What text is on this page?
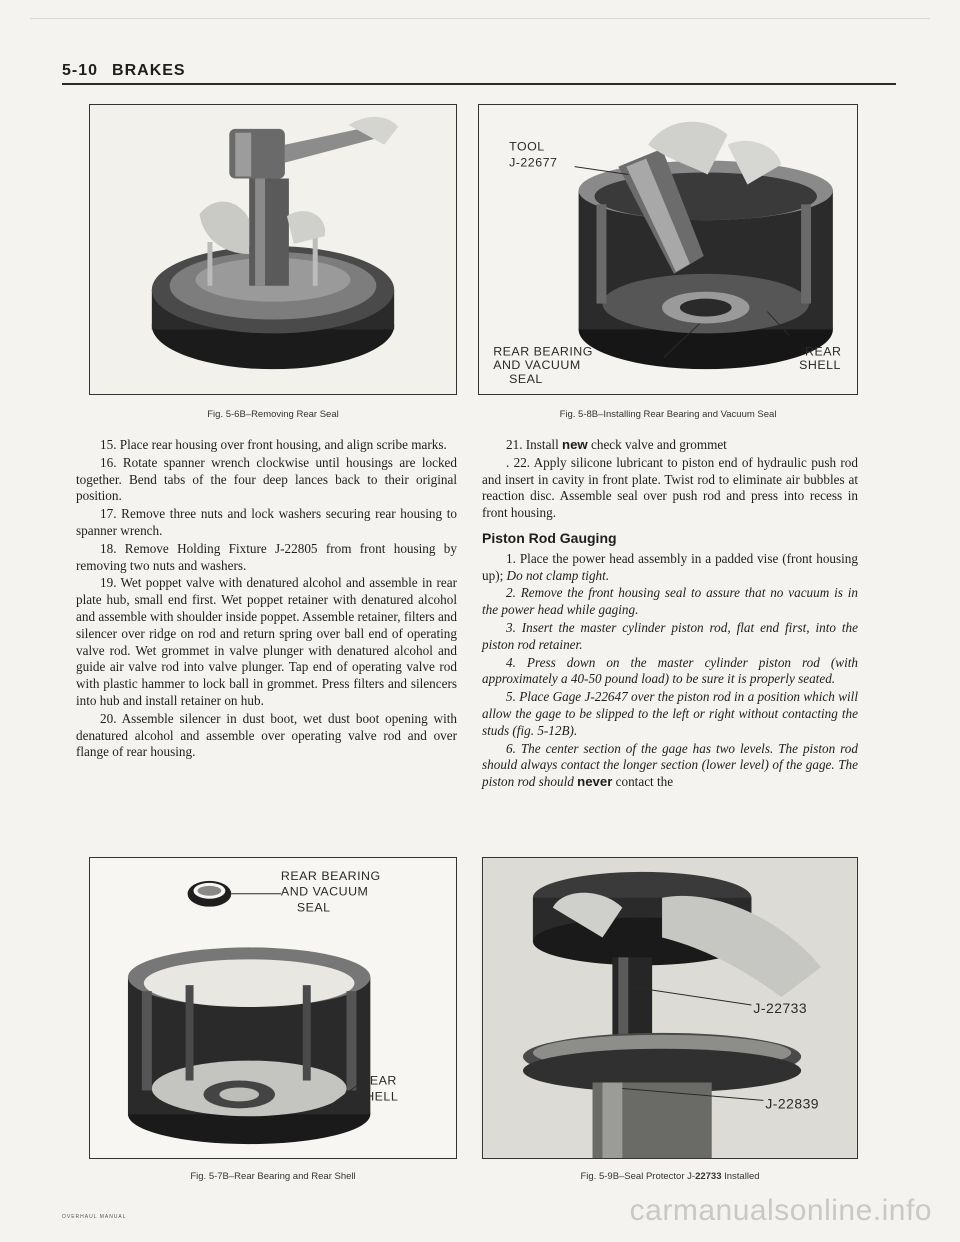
5-10 BRAKES
Fig. 5-6B–Removing Rear Seal
TOOL
J-22677
REAR BEARING
AND VACUUM
SEAL
REAR
SHELL
Fig. 5-8B–Installing Rear Bearing and Vacuum Seal

15. Place rear housing over front housing, and align scribe marks.

16. Rotate spanner wrench clockwise until housings are locked together. Bend tabs of the four deep lances back to their original position.

17. Remove three nuts and lock washers securing rear housing to spanner wrench.

18. Remove Holding Fixture J-22805 from front housing by removing two nuts and washers.

19. Wet poppet valve with denatured alcohol and assemble in rear plate hub, small end first. Wet poppet retainer with denatured alcohol and assemble with shoulder inside poppet. Assemble retainer, filters and silencer over ridge on rod and return spring over ball end of operating valve rod. Wet grommet in valve plunger with denatured alcohol and guide air valve rod into valve plunger. Tap end of operating valve rod with plastic hammer to lock ball in grommet. Press filters and silencers into hub and install retainer on hub.

20. Assemble silencer in dust boot, wet dust boot opening with denatured alcohol and assemble over operating valve rod and over flange of rear housing.

21. Install new check valve and grommet

. 22. Apply silicone lubricant to piston end of hydraulic push rod and insert in cavity in front plate. Twist rod to eliminate air bubbles at reaction disc. Assemble seal over push rod and press into recess in front housing.

Piston Rod Gauging

1. Place the power head assembly in a padded vise (front housing up); Do not clamp tight.

2. Remove the front housing seal to assure that no vacuum is in the power head while gaging.

3. Insert the master cylinder piston rod, flat end first, into the piston rod retainer.

4. Press down on the master cylinder piston rod (with approximately a 40-50 pound load) to be sure it is properly seated.

5. Place Gage J-22647 over the piston rod in a position which will allow the gage to be slipped to the left or right without contacting the studs (fig. 5-12B).

6. The center section of the gage has two levels. The piston rod should always contact the longer section (lower level) of the gage. The piston rod should never contact the

REAR BEARING
AND VACUUM
SEAL
REAR
SHELL
Fig. 5-7B–Rear Bearing and Rear Shell
J-22733
J-22839
Fig. 5-9B–Seal Protector J-22733 Installed
OVERHAUL MANUAL	carmanualsonline.info
